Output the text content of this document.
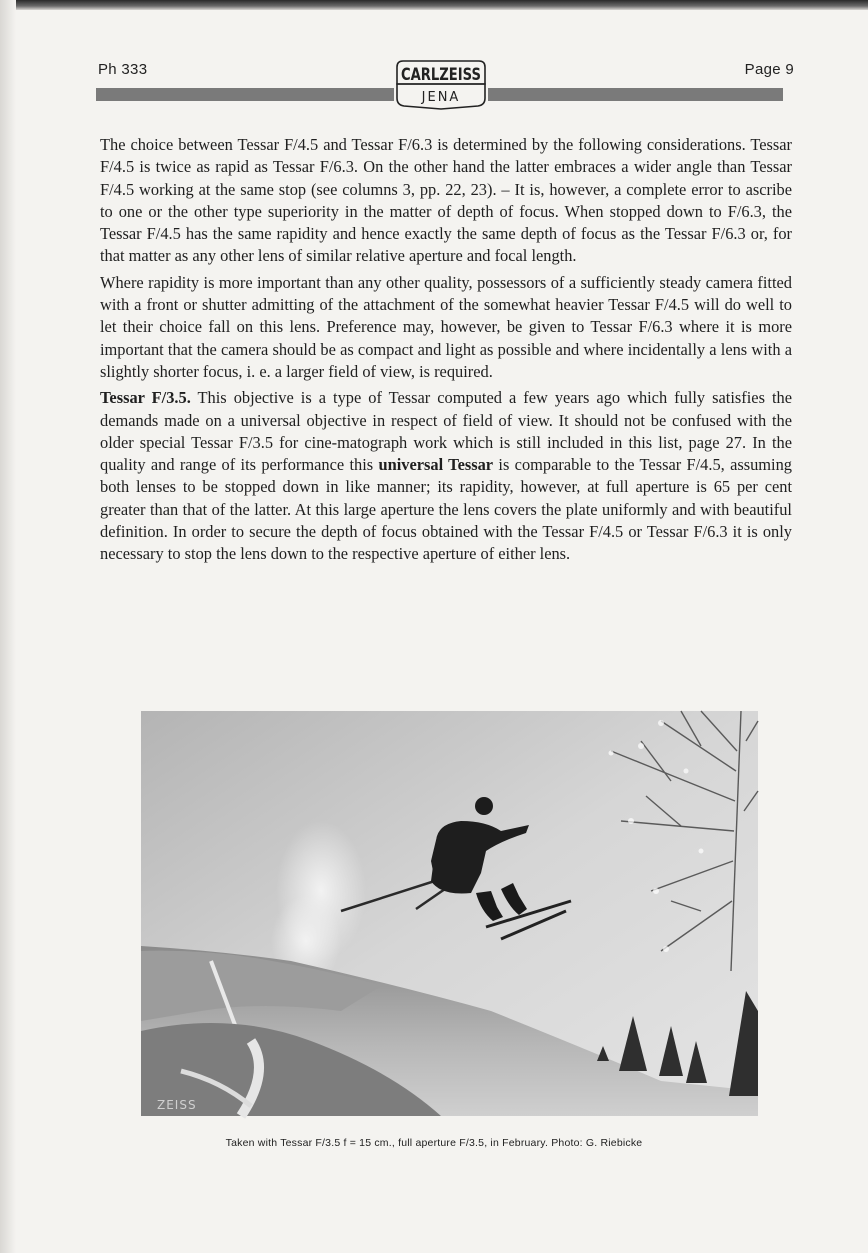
Ph 333	Page 9
CARLZEISS
JENA

The choice between Tessar F/4.5 and Tessar F/6.3 is determined by the following considerations. Tessar F/4.5 is twice as rapid as Tessar F/6.3. On the other hand the latter embraces a wider angle than Tessar F/4.5 working at the same stop (see columns 3, pp. 22, 23). – It is, however, a complete error to ascribe to one or the other type superiority in the matter of depth of focus. When stopped down to F/6.3, the Tessar F/4.5 has the same rapidity and hence exactly the same depth of focus as the Tessar F/6.3 or, for that matter as any other lens of similar relative aperture and focal length.

Where rapidity is more important than any other quality, possessors of a sufficiently steady camera fitted with a front or shutter admitting of the attachment of the somewhat heavier Tessar F/4.5 will do well to let their choice fall on this lens. Preference may, however, be given to Tessar F/6.3 where it is more important that the camera should be as compact and light as possible and where incidentally a lens with a slightly shorter focus, i. e. a larger field of view, is required.

Tessar F/3.5. This objective is a type of Tessar computed a few years ago which fully satisfies the demands made on a universal objective in respect of field of view. It should not be confused with the older special Tessar F/3.5 for cine-matograph work which is still included in this list, page 27. In the quality and range of its performance this universal Tessar is comparable to the Tessar F/4.5, assuming both lenses to be stopped down in like manner; its rapidity, however, at full aperture is 65 per cent greater than that of the latter. At this large aperture the lens covers the plate uniformly and with beautiful definition. In order to secure the depth of focus obtained with the Tessar F/4.5 or Tessar F/6.3 it is only necessary to stop the lens down to the respective aperture of either lens.

ZEISS
Taken with Tessar F/3.5 f = 15 cm., full aperture F/3.5, in February. Photo: G. Riebicke
